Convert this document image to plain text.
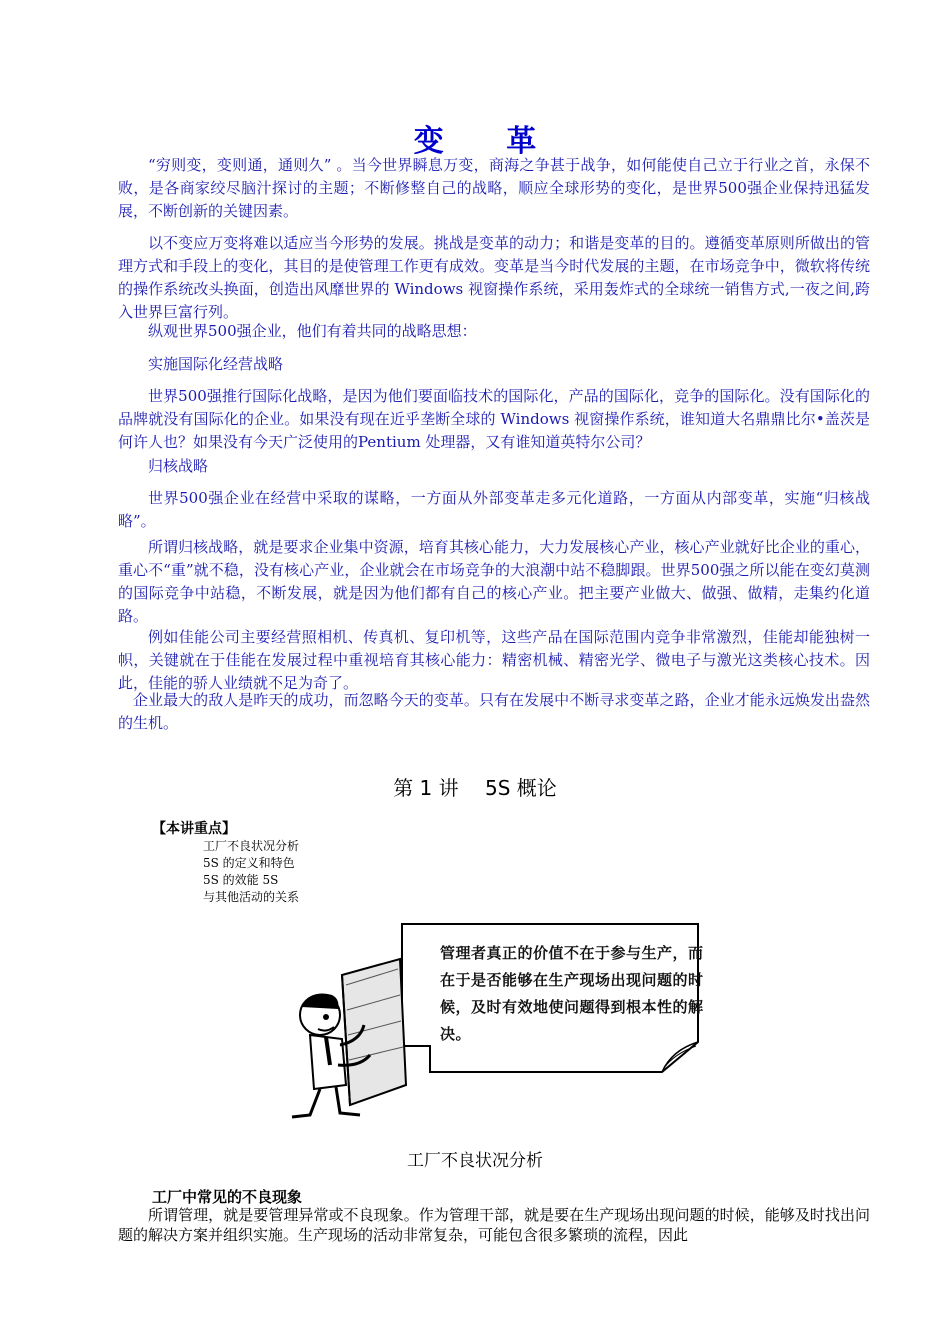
变 革

“穷则变，变则通，通则久” 。当今世界瞬息万变，商海之争甚于战争，如何能使自己立于行业之首，永保不败，是各商家绞尽脑汁探讨的主题；不断修整自己的战略，顺应全球形势的变化，是世界500强企业保持迅猛发展，不断创新的关键因素。

以不变应万变将难以适应当今形势的发展。挑战是变革的动力；和谐是变革的目的。遵循变革原则所做出的管理方式和手段上的变化，其目的是使管理工作更有成效。变革是当今时代发展的主题，在市场竞争中，微软将传统的操作系统改头换面，创造出风靡世界的 Windows 视窗操作系统，采用轰炸式的全球统一销售方式,一夜之间,跨入世界巨富行列。

纵观世界500强企业，他们有着共同的战略思想：

实施国际化经营战略

世界500强推行国际化战略，是因为他们要面临技术的国际化，产品的国际化，竞争的国际化。没有国际化的品牌就没有国际化的企业。如果没有现在近乎垄断全球的 Windows 视窗操作系统，谁知道大名鼎鼎比尔•盖茨是何许人也？如果没有今天广泛使用的Pentium 处理器，又有谁知道英特尔公司？

归核战略

世界500强企业在经营中采取的谋略，一方面从外部变革走多元化道路，一方面从内部变革，实施“归核战略”。

所谓归核战略，就是要求企业集中资源，培育其核心能力，大力发展核心产业，核心产业就好比企业的重心，重心不“重”就不稳，没有核心产业，企业就会在市场竞争的大浪潮中站不稳脚跟。世界500强之所以能在变幻莫测的国际竞争中站稳，不断发展，就是因为他们都有自己的核心产业。把主要产业做大、做强、做精，走集约化道路。

例如佳能公司主要经营照相机、传真机、复印机等，这些产品在国际范围内竞争非常激烈，佳能却能独树一帜，关键就在于佳能在发展过程中重视培育其核心能力：精密机械、精密光学、微电子与激光这类核心技术。因此，佳能的骄人业绩就不足为奇了。

企业最大的敌人是昨天的成功，而忽略今天的变革。只有在发展中不断寻求变革之路，企业才能永远焕发出盎然的生机。

第 1 讲　 5S 概论
【本讲重点】
工厂不良状况分析
5S 的定义和特色
5S 的效能 5S
与其他活动的关系
管理者真正的价值不在于参与生产，而在于是否能够在生产现场出现问题的时候，及时有效地使问题得到根本性的解决。
工厂不良状况分析
工厂中常见的不良现象

所谓管理，就是要管理异常或不良现象。作为管理干部，就是要在生产现场出现问题的时候，能够及时找出问题的解决方案并组织实施。生产现场的活动非常复杂，可能包含很多繁琐的流程，因此
